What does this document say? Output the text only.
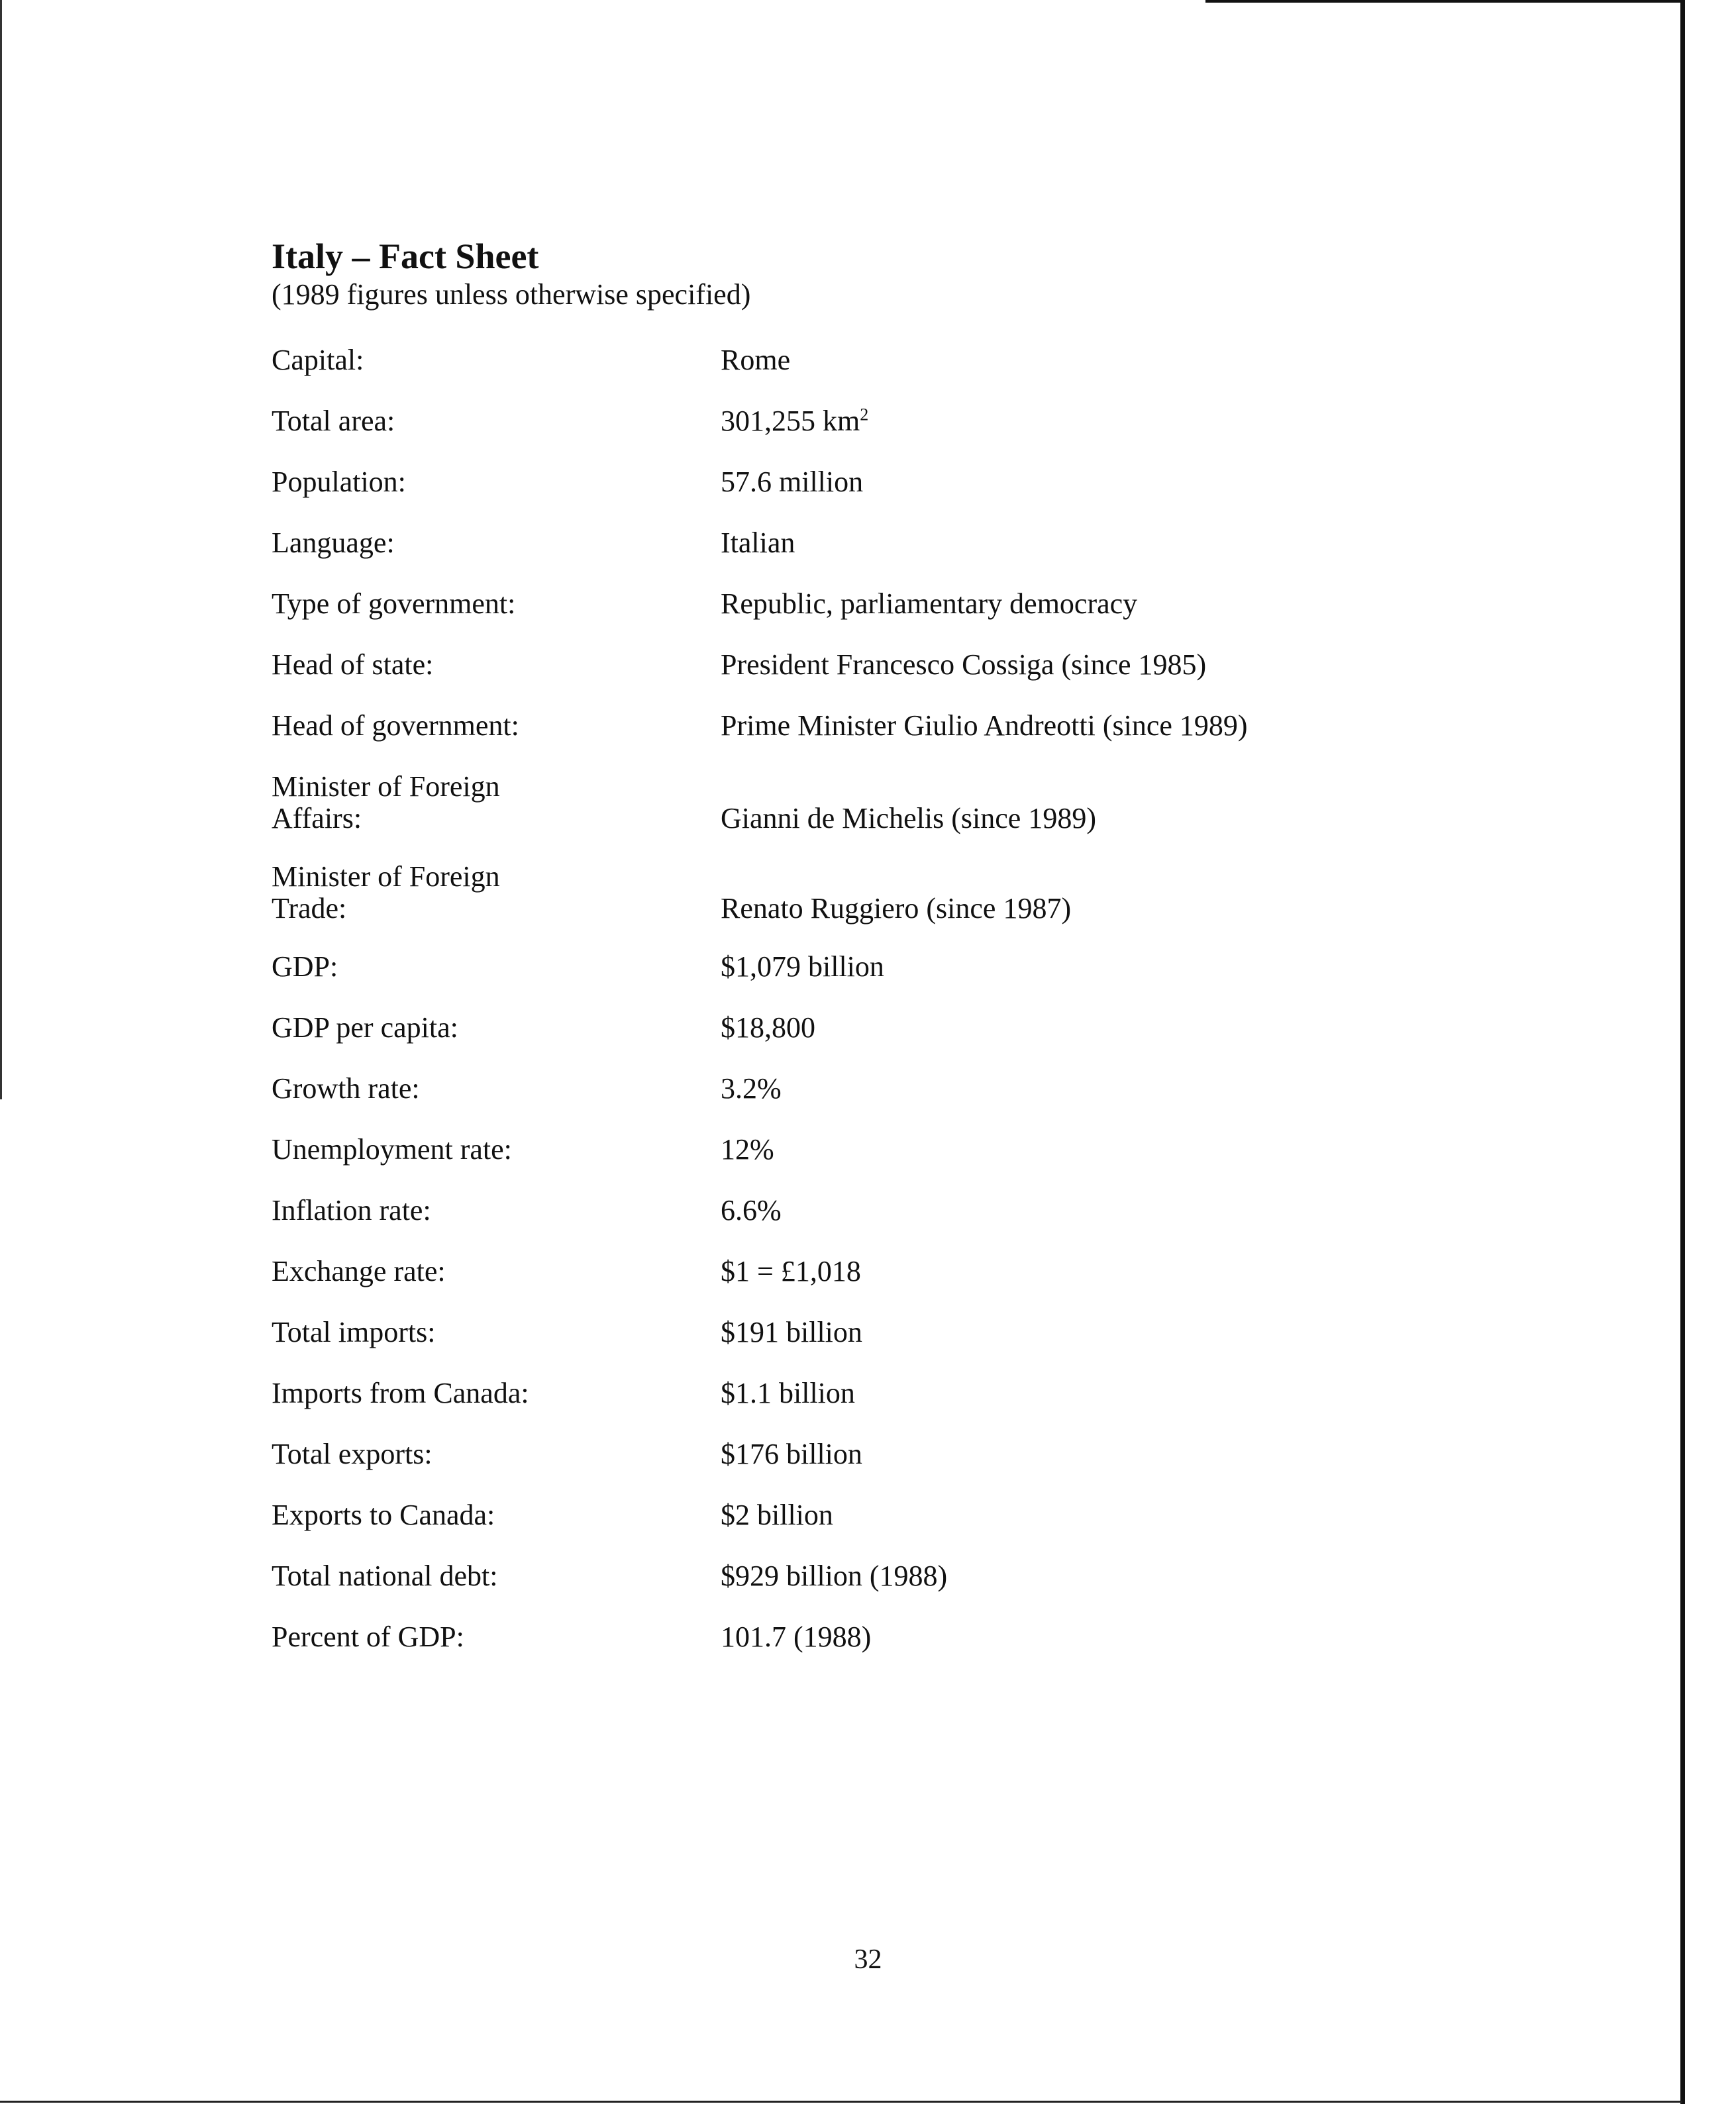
Italy – Fact Sheet

(1989 figures unless otherwise specified)

Capital:	Rome
Total area:	301,255 $km^2$
Population:	57.6 million
Language:	Italian
Type of government:	Republic, parliamentary democracy
Head of state:	President Francesco Cossiga (since 1985)
Head of government:	Prime Minister Giulio Andreotti (since 1989)
Minister of Foreign
Affairs:	Gianni de Michelis (since 1989)
Minister of Foreign
Trade:	Renato Ruggiero (since 1987)
GDP:	$1,079 billion
GDP per capita:	$18,800
Growth rate:	3.2%
Unemployment rate:	12%
Inflation rate:	6.6%
Exchange rate:	$1 = £1,018
Total imports:	$191 billion
Imports from Canada:	$1.1 billion
Total exports:	$176 billion
Exports to Canada:	$2 billion
Total national debt:	$929 billion (1988)
Percent of GDP:	101.7 (1988)
32
